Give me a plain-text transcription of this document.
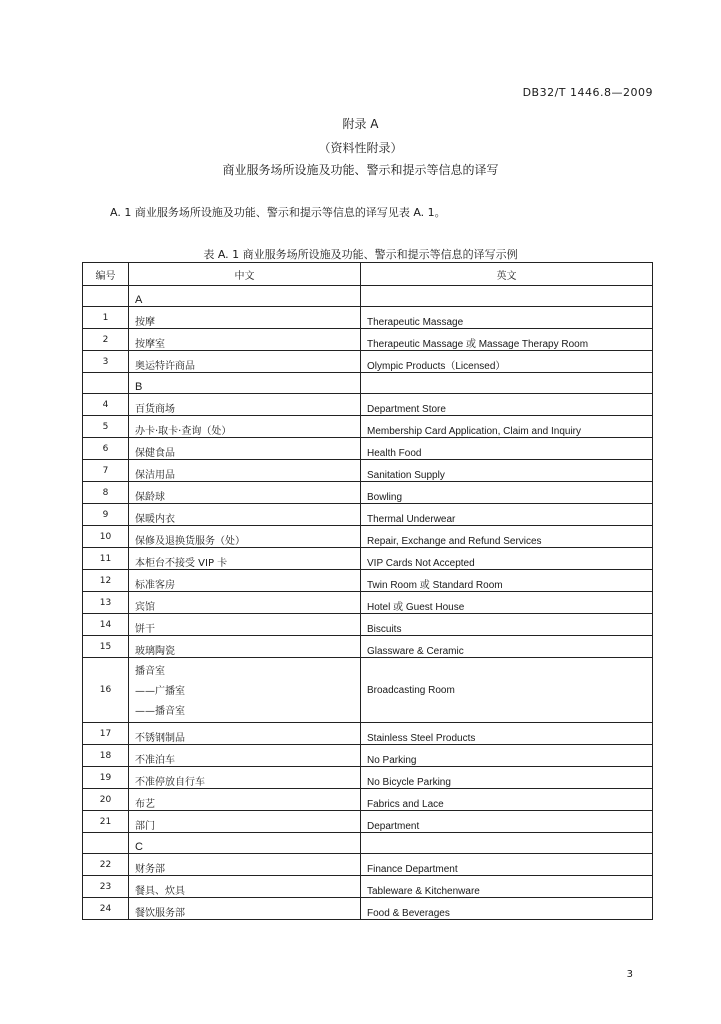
DB32/T 1446.8—2009
附录 A
（资料性附录）
商业服务场所设施及功能、警示和提示等信息的译写
A. 1 商业服务场所设施及功能、警示和提示等信息的译写见表 A. 1。
表 A. 1 商业服务场所设施及功能、警示和提示等信息的译写示例
编号	中文	英文
	A	
1	按摩	Therapeutic Massage
2	按摩室	Therapeutic Massage 或 Massage Therapy Room
3	奥运特许商品	Olympic Products（Licensed）
	B	
4	百货商场	Department Store
5	办卡·取卡·查询（处）	Membership Card Application, Claim and Inquiry
6	保健食品	Health Food
7	保洁用品	Sanitation Supply
8	保龄球	Bowling
9	保暖内衣	Thermal Underwear
10	保修及退换货服务（处）	Repair, Exchange and Refund Services
11	本柜台不接受 VIP 卡	VIP Cards Not Accepted
12	标准客房	Twin Room 或 Standard Room
13	宾馆	Hotel 或 Guest House
14	饼干	Biscuits
15	玻璃陶瓷	Glassware & Ceramic
16	播音室
——广播室
——播音室	Broadcasting Room
17	不锈钢制品	Stainless Steel Products
18	不准泊车	No Parking
19	不准停放自行车	No Bicycle Parking
20	布艺	Fabrics and Lace
21	部门	Department
	C	
22	财务部	Finance Department
23	餐具、炊具	Tableware & Kitchenware
24	餐饮服务部	Food & Beverages
3
